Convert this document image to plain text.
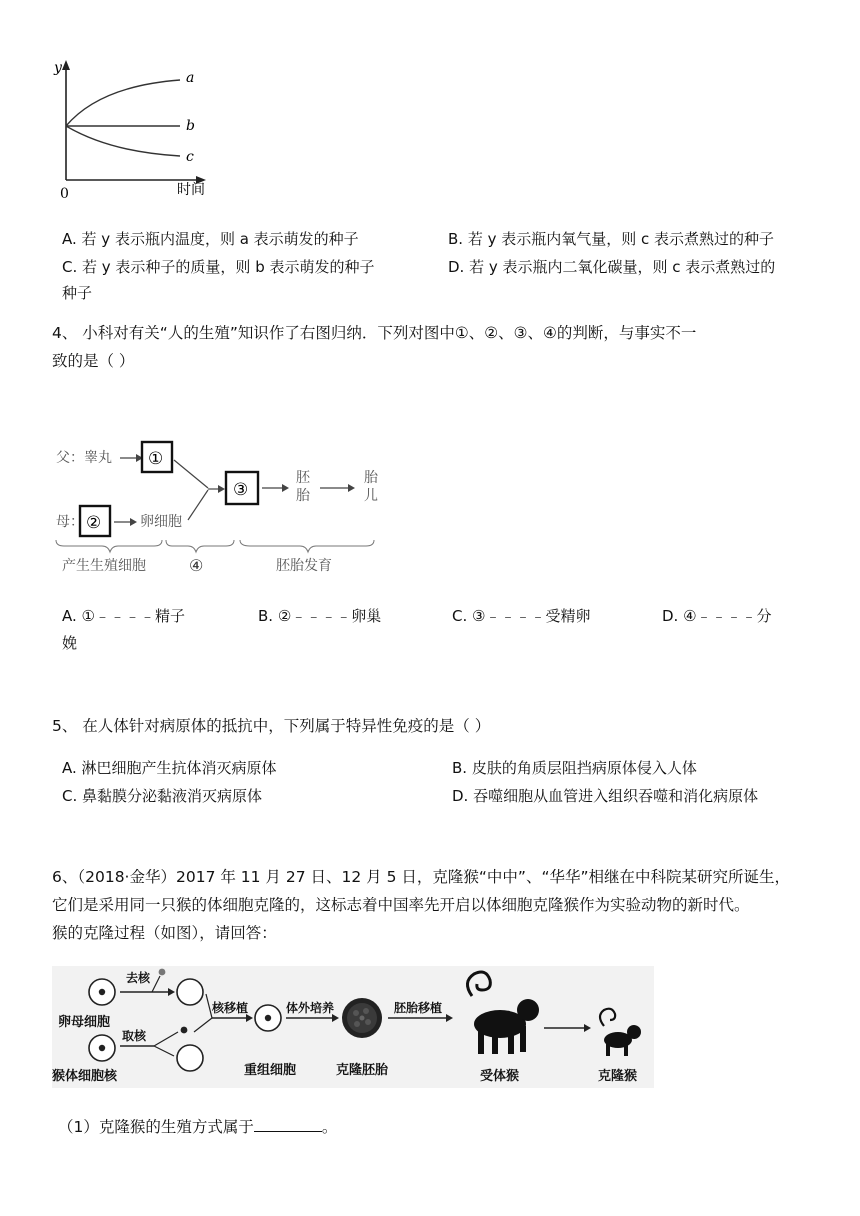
y
0	时间
a
b
c
A. 若 y 表示瓶内温度，则 a 表示萌发的种子	B. 若 y 表示瓶内氧气量，则 c 表示煮熟过的种子
C. 若 y 表示种子的质量，则 b 表示萌发的种子	D. 若 y 表示瓶内二氧化碳量，则 c 表示煮熟过的
种子
4、 小科对有关“人的生殖”知识作了右图归纳．下列对图中①、②、③、④的判断，与事实不一
致的是（ ）
父：睾丸 ①
母： ②	卵细胞
③
胚
胎
胎
儿
产生生殖细胞	④	胚胎发育
A. ①﹣﹣﹣﹣精子	B. ②﹣﹣﹣﹣卵巢	C. ③﹣﹣﹣﹣受精卵	D. ④﹣﹣﹣﹣分
娩
5、 在人体针对病原体的抵抗中，下列属于特异性免疫的是（ ）
A. 淋巴细胞产生抗体消灭病原体	B. 皮肤的角质层阻挡病原体侵入人体
C. 鼻黏膜分泌黏液消灭病原体	D. 吞噬细胞从血管进入组织吞噬和消化病原体
6、（2018·金华）2017 年 11 月 27 日、12 月 5 日，克隆猴“中中”、“华华”相继在中科院某研究所诞生，
它们是采用同一只猴的体细胞克隆的，这标志着中国率先开启以体细胞克隆猴作为实验动物的新时代。
猴的克隆过程（如图），请回答：
卵母细胞
去核
猴体细胞核
取核
核移植
重组细胞
体外培养
克隆胚胎
胚胎移植
受体猴	克隆猴
（1）克隆猴的生殖方式属于	。
